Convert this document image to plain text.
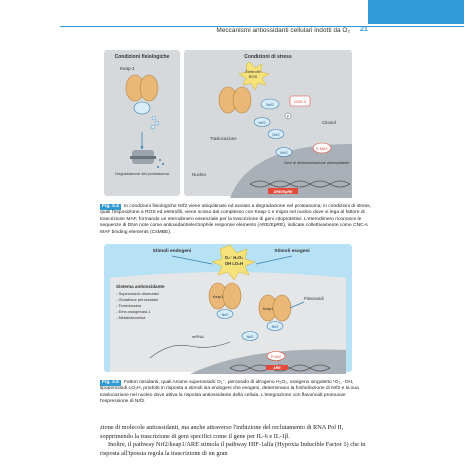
Meccanismi antiossidanti cellulari indotti da O₂ 21
Condizioni fisiologiche
Keap-1
Degradazione del proteasoma
Condizioni di stress
Elettrofili
ROS
Nrf2
GSK-3
P
Citosol
Nrf2
Nrf2
Traslocazione
Nucleo
Nrf2
S-MAF
Geni di disintossicazione antiossidante
ARE/EpRE
Fig. 3.4 In condizioni fisiologiche Nrf2 viene ubiquitinato ed avviato a degradazione nel proteasoma; in condizioni di stress, quali l'esposizione a ROS ed elettrofili, viene scisso dal complesso con Keap-1 e migra nel nucleo dove si lega al fattore di trascrizione MAF, formando un eterodimero essenziale per la trascrizione di geni citoprotettivi. L'eterodimero riconosce le sequenze di DNA note come antioxidant/electrophile response elements (ARE/EpRE), indicate collettivamente come CNC-s MAF binding elements (CsMBE).
Stimoli endogeni	Stimoli esogeni
O₂⁻ H₂O₂
OH LO₂H
Sistema antiossidante
- Superossido dismutasi
- Glutatione perossidasi
- Tioredossina
- Eme-ossigenasi-1
- Metallotioneina
Keap1
Nrf2
Keap1
Nrf2
Flavonoidi
Nrf2
mRNA
P-Nrf2
ARE
Fig. 3.5 Fattori ossidanti, quali Anione superossido O₂⁻, perossido di idrogeno H₂O₂, ossigeno singoletto ¹O₂, ·OH, lipoperossidi LO₂H, prodotti in risposta a stimoli sia endogeni che esogeni, determinano la fosforilazione di Nrf2 e la sua traslocazione nel nucleo dove attiva la risposta antiossidante della cellula. L'integrazione con flavonoidi promuove l'espressione di Nrf2.

zione di molecole antiossidanti, ma anche attraverso l'inibizione del reclutamento di RNA Pol II, sopprimendo la trascrizione di geni specifici come il gene per IL-6 e IL-1β.

Inoltre, il pathway Nrf2/keap1/ARE stimola il pathway HIF-1alfa (Hypoxia Inducible Factor 1) che in risposta all'ipossia regola la trascrizione di un gran
